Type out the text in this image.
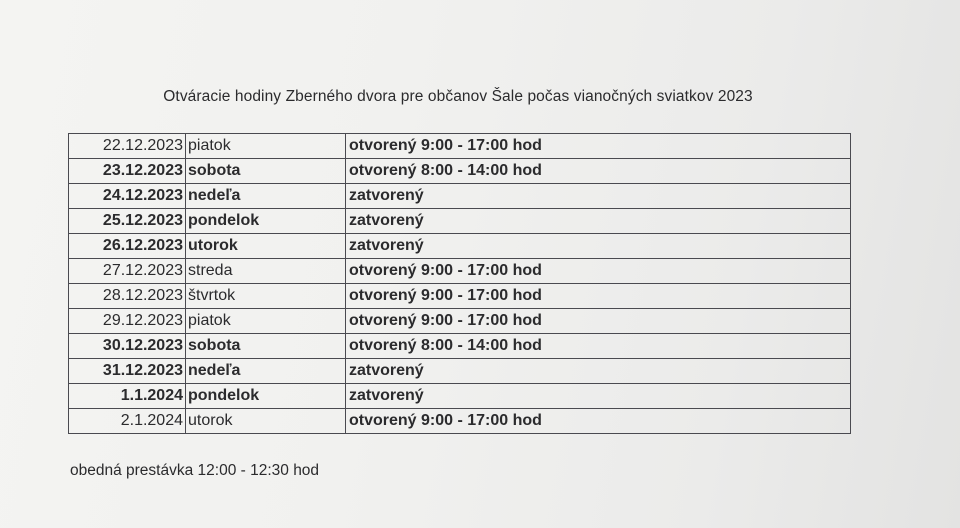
Otváracie hodiny Zberného dvora pre občanov Šale počas vianočných sviatkov 2023
22.12.2023	piatok	otvorený 9:00 - 17:00 hod
23.12.2023	sobota	otvorený 8:00 - 14:00 hod
24.12.2023	nedeľa	zatvorený
25.12.2023	pondelok	zatvorený
26.12.2023	utorok	zatvorený
27.12.2023	streda	otvorený 9:00 - 17:00 hod
28.12.2023	štvrtok	otvorený 9:00 - 17:00 hod
29.12.2023	piatok	otvorený 9:00 - 17:00 hod
30.12.2023	sobota	otvorený 8:00 - 14:00 hod
31.12.2023	nedeľa	zatvorený
1.1.2024	pondelok	zatvorený
2.1.2024	utorok	otvorený 9:00 - 17:00 hod
obedná prestávka 12:00 - 12:30 hod
